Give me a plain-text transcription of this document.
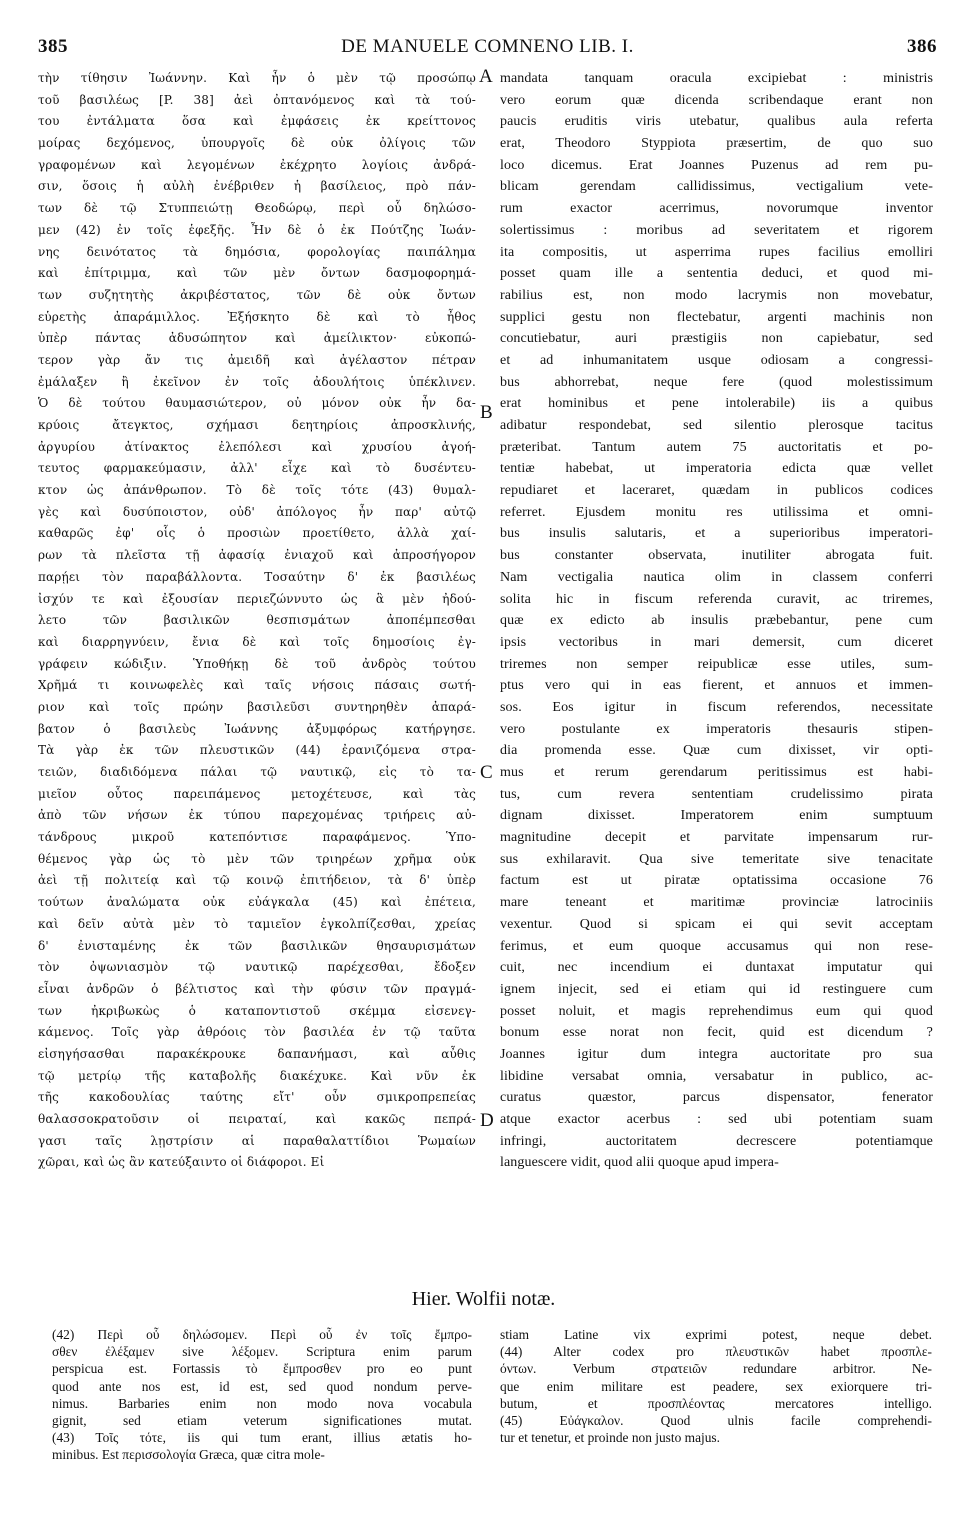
385	DE MANUELE COMNENO LIB. I.	386
τὴν τίθησιν Ἰωάννην. Καὶ ἦν ὁ μὲν τῷ προσώπῳ
τοῦ βασιλέως [P. 38] ἀεὶ ὀπτανόμενος καὶ τὰ τού-
του ἐντάλματα ὅσα καὶ ἐμφάσεις ἐκ κρείττονος
μοίρας δεχόμενος, ὑπουργοῖς δὲ οὐκ ὀλίγοις τῶν
γραφομένων καὶ λεγομένων ἐκέχρητο λογίοις ἀνδρά-
σιν, ὅσοις ἡ αὐλὴ ἐνέβριθεν ἡ βασίλειος, πρὸ πάν-
των δὲ τῷ Στυππειώτῃ Θεοδώρῳ, περὶ οὗ δηλώσο-
μεν (42) ἐν τοῖς ἑφεξῆς. Ἦν δὲ ὁ ἐκ Πούτζης Ἰωάν-
νης δεινότατος τὰ δημόσια, φορολογίας παιπάλημα
καὶ ἐπίτριμμα, καὶ τῶν μὲν ὄντων δασμοφορημά-
των συζητητὴς ἀκριβέστατος, τῶν δὲ οὐκ ὄντων
εὑρετὴς ἀπαράμιλλος. Ἐξήσκητο δὲ καὶ τὸ ἦθος
ὑπὲρ πάντας ἀδυσώπητον καὶ ἀμείλικτον· εὐκοπώ-
τερον γὰρ ἄν τις ἀμειδῆ καὶ ἀγέλαστον πέτραν
ἐμάλαξεν ἢ ἐκεῖνον ἐν τοῖς ἀδουλήτοις ὑπέκλινεν.
Ὁ δὲ τούτου θαυμασιώτερον, οὐ μόνον οὐκ ἦν δα-
κρύοις ἄτεγκτος, σχήμασι δεητηρίοις ἀπροσκλινής,
ἀργυρίου ἀτίνακτος ἐλεπόλεσι καὶ χρυσίου ἀγοή-
τευτος φαρμακεύμασιν, ἀλλ' εἶχε καὶ τὸ δυσέντευ-
κτον ὡς ἀπάνθρωπον. Τὸ δὲ τοῖς τότε (43) θυμαλ-
γὲς καὶ δυσύποιστον, οὐδ' ἀπόλογος ἦν παρ' αὐτῷ
καθαρῶς ἐφ' οἷς ὁ προσιὼν προετίθετο, ἀλλὰ χαί-
ρων τὰ πλεῖστα τῇ ἀφασίᾳ ἐνιαχοῦ καὶ ἀπροσήγορον
παρῄει τὸν παραβάλλοντα. Τοσαύτην δ' ἐκ βασιλέως
ἰσχύν τε καὶ ἐξουσίαν περιεζώννυτο ὡς ἃ μὲν ἠδού-
λετο τῶν βασιλικῶν θεσπισμάτων ἀποπέμπεσθαι
καὶ διαρρηγνύειν, ἔνια δὲ καὶ τοῖς δημοσίοις ἐγ-
γράφειν κώδιξιν. Ὑποθήκῃ δὲ τοῦ ἀνδρὸς τούτου
Χρῆμά τι κοινωφελὲς καὶ ταῖς νήσοις πάσαις σωτή-
ριον καὶ τοῖς πρώην βασιλεῦσι συντηρηθὲν ἀπαρά-
βατον ὁ βασιλεὺς Ἰωάννης ἀξυμφόρως κατήργησε.
Τὰ γὰρ ἐκ τῶν πλευστικῶν (44) ἐρανιζόμενα στρα-
τειῶν, διαδιδόμενα πάλαι τῷ ναυτικῷ, εἰς τὸ τα-
μιεῖον οὗτος παρειπάμενος μετοχέτευσε, καὶ τὰς
ἀπὸ τῶν νήσων ἐκ τύπου παρεχομένας τριήρεις αὐ-
τάνδρους μικροῦ κατεπόντισε παραφάμενος. Ὑπο-
θέμενος γὰρ ὡς τὸ μὲν τῶν τριηρέων χρῆμα οὐκ
ἀεὶ τῇ πολιτείᾳ καὶ τῷ κοινῷ ἐπιτήδειον, τὰ δ' ὑπὲρ
τούτων ἀναλώματα οὐκ εὐάγκαλα (45) καὶ ἐπέτεια,
καὶ δεῖν αὐτὰ μὲν τὸ ταμιεῖον ἐγκολπίζεσθαι, χρείας
δ' ἐνισταμένης ἐκ τῶν βασιλικῶν θησαυρισμάτων
τὸν ὀψωνιασμὸν τῷ ναυτικῷ παρέχεσθαι, ἔδοξεν
εἶναι ἀνδρῶν ὁ βέλτιστος καὶ τὴν φύσιν τῶν πραγμά-
των ἠκριβωκὼς ὁ καταποντιστοῦ σκέμμα εἰσενεγ-
κάμενος. Τοῖς γὰρ ἀθρόοις τὸν βασιλέα ἐν τῷ ταῦτα
εἰσηγήσασθαι παρακέκρουκε δαπανήμασι, καὶ αὖθις
τῷ μετρίῳ τῆς καταβολῆς διακέχυκε. Καὶ νῦν ἐκ
τῆς κακοδουλίας ταύτης εἴτ' οὖν σμικροπρεπείας
θαλασσοκρατοῦσιν οἱ πειραταί, καὶ κακῶς πεπρά-
γασι ταῖς λῃστρίσιν αἱ παραθαλαττίδιοι Ῥωμαίων
χῶραι, καὶ ὡς ἂν κατεύξαιντο οἱ διάφοροι. Εἰ
mandata tanquam oracula excipiebat : ministris
vero eorum quæ dicenda scribendaque erant non
paucis eruditis viris utebatur, qualibus aula referta
erat, Theodoro Styppiota præsertim, de quo suo
loco dicemus. Erat Joannes Puzenus ad rem pu-
blicam gerendam callidissimus, vectigalium vete-
rum exactor acerrimus, novorumque inventor
solertissimus : moribus ad severitatem et rigorem
ita compositis, ut asperrima rupes facilius emolliri
posset quam ille a sententia deduci, et quod mi-
rabilius est, non modo lacrymis non movebatur,
supplici gestu non flectebatur, argenti machinis non
concutiebatur, auri præstigiis non capiebatur, sed
et ad inhumanitatem usque odiosam a congressi-
bus abhorrebat, neque fere (quod molestissimum
erat hominibus et pene intolerabile) iis a quibus
adibatur respondebat, sed silentio plerosque tacitus
præteribat. Tantum autem 75 auctoritatis et po-
tentiæ habebat, ut imperatoria edicta quæ vellet
repudiaret et laceraret, quædam in publicos codices
referret. Ejusdem monitu res utilissima et omni-
bus insulis salutaris, et a superioribus imperatori-
bus constanter observata, inutiliter abrogata fuit.
Nam vectigalia nautica olim in classem conferri
solita hic in fiscum referenda curavit, ac triremes,
quæ ex edicto ab insulis præbebantur, pene cum
ipsis vectoribus in mari demersit, cum diceret
triremes non semper reipublicæ esse utiles, sum-
ptus vero qui in eas fierent, et annuos et immen-
sos. Eos igitur in fiscum referendos, necessitate
vero postulante ex imperatoris thesauris stipen-
dia promenda esse. Quæ cum dixisset, vir opti-
mus et rerum gerendarum peritissimus est habi-
tus, cum revera sententiam crudelissimo pirata
dignam dixisset. Imperatorem enim sumptuum
magnitudine decepit et parvitate impensarum rur-
sus exhilaravit. Qua sive temeritate sive tenacitate
factum est ut piratæ optatissima occasione 76
mare teneant et maritimæ provinciæ latrociniis
vexentur. Quod si spicam ei qui sevit acceptam
ferimus, et eum quoque accusamus qui non rese-
cuit, nec incendium ei duntaxat imputatur qui
ignem injecit, sed ei etiam qui id restinguere cum
posset noluit, et magis reprehendimus eum qui quod
bonum esse norat non fecit, quid est dicendum ?
Joannes igitur dum integra auctoritate pro sua
libidine versabat omnia, versabatur in publico, ac-
curatus quæstor, parcus dispensator, fenerator
atque exactor acerbus : sed ubi potentiam suam
infringi, auctoritatem decrescere potentiamque
languescere vidit, quod alii quoque apud impera-
A
B
C
D
Hier. Wolfii notæ.
(42) Περὶ οὗ δηλώσομεν. Περὶ οὗ ἐν τοῖς ἔμπρο-
σθεν ἐλέξαμεν sive λέξομεν. Scriptura enim parum
perspicua est. Fortassis τὸ ἔμπροσθεν pro eo punt
quod ante nos est, id est, sed quod nondum perve-
nimus. Barbaries enim non modo nova vocabula
gignit, sed etiam veterum significationes mutat.
(43) Τοῖς τότε, iis qui tum erant, illius ætatis ho-
minibus. Est περισσολογία Græca, quæ citra mole-
stiam Latine vix exprimi potest, neque debet.
(44) Alter codex pro πλευστικῶν habet προσπλε-
όντων. Verbum στρατειῶν redundare arbitror. Ne-
que enim militare est peadere, sex exiorquere tri-
butum, et προσπλέοντας mercatores intelligo.
(45) Εὐάγκαλον. Quod ulnis facile comprehendi-
tur et tenetur, et proinde non justo majus.
